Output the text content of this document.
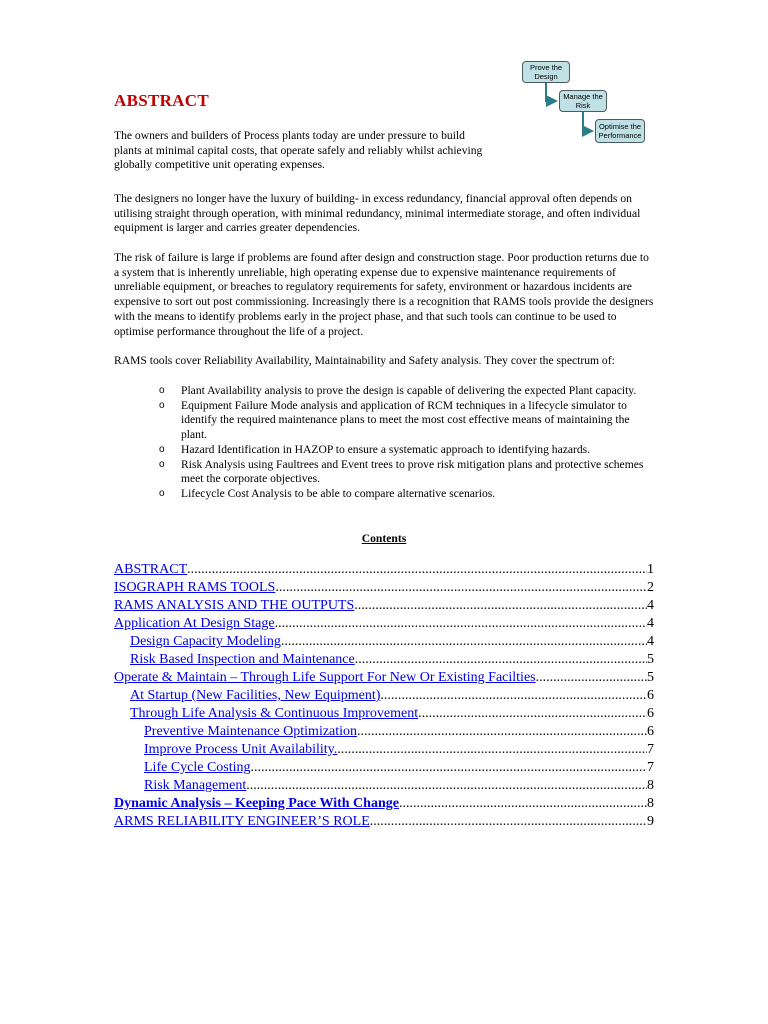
Prove the Design
Manage the Risk
Optimise the Performance
ABSTRACT

The owners and builders of Process plants today are under pressure to build plants at minimal capital costs, that operate safely and reliably whilst achieving globally competitive unit operating expenses.

The designers no longer have the luxury of building- in excess redundancy, financial approval often depends on utilising straight through operation, with minimal redundancy, minimal intermediate storage, and often individual equipment is larger and carries greater dependencies.

The risk of failure is large if problems are found after design and construction stage. Poor production returns due to a system that is inherently unreliable, high operating expense due to expensive maintenance requirements of unreliable equipment, or breaches to regulatory requirements for safety, environment or hazardous incidents are expensive to sort out post commissioning. Increasingly there is a recognition that RAMS tools provide the designers with the means to identify problems early in the project phase, and that such tools can continue to be used to optimise performance throughout the life of a project.

RAMS tools cover Reliability Availability, Maintainability and Safety analysis. They cover the spectrum of:

o Plant Availability analysis to prove the design is capable of delivering the expected Plant capacity.
o Equipment Failure Mode analysis and application of RCM techniques in a lifecycle simulator to identify the required maintenance plans to meet the most cost effective means of maintaining the plant.
o Hazard Identification in HAZOP to ensure a systematic approach to identifying hazards.
o Risk Analysis using Faultrees and Event trees to prove risk mitigation plans and protective schemes meet the corporate objectives.
o Lifecycle Cost Analysis to be able to compare alternative scenarios.
Contents
ABSTRACT .....	1
ISOGRAPH RAMS TOOLS .....	2
RAMS ANALYSIS AND THE OUTPUTS .....	4
Application At Design Stage .....	4
Design Capacity Modeling .....	4
Risk Based Inspection and Maintenance .....	5
Operate & Maintain – Through Life Support For New Or Existing Facilties .....	5
At Startup (New Facilities, New Equipment) .....	6
Through Life Analysis & Continuous Improvement .....	6
Preventive Maintenance Optimization .....	6
Improve Process Unit Availability. .....	7
Life Cycle Costing .....	7
Risk Management .....	8
Dynamic Analysis – Keeping Pace With Change .....	8
ARMS RELIABILITY ENGINEER’S ROLE .....	9
